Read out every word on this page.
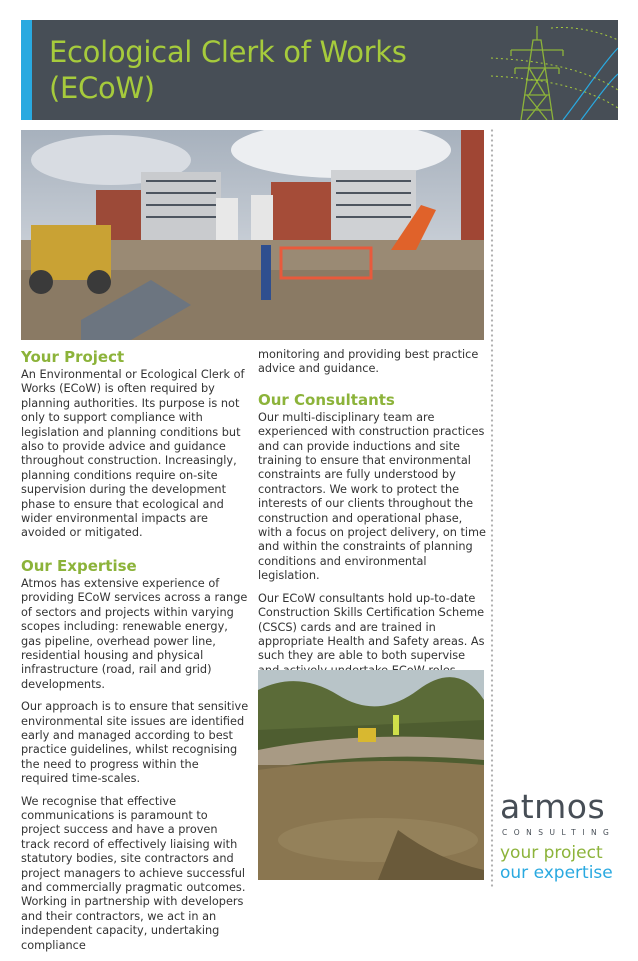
Ecological Clerk of Works
(ECoW)
Your Project

An Environmental or Ecological Clerk of Works (ECoW) is often required by planning authorities. Its purpose is not only to support compliance with legislation and planning conditions but also to provide advice and guidance throughout construction. Increasingly, planning conditions require on-site supervision during the development phase to ensure that ecological and wider environmental impacts are avoided or mitigated.

Our Expertise

Atmos has extensive experience of providing ECoW services across a range of sectors and projects within varying scopes including: renewable energy, gas pipeline, overhead power line, residential housing and physical infrastructure (road, rail and grid) developments.

Our approach is to ensure that sensitive environmental site issues are identified early and managed according to best practice guidelines, whilst recognising the need to progress within the required time-scales.

We recognise that effective communications is paramount to project success and have a proven track record of effectively liaising with statutory bodies, site contractors and project managers to achieve successful and commercially pragmatic outcomes. Working in partnership with developers and their contractors, we act in an independent capacity, undertaking compliance

monitoring and providing best practice advice and guidance.

Our Consultants

Our multi-disciplinary team are experienced with construction practices and can provide inductions and site training to ensure that environmental constraints are fully understood by contractors. We work to protect the interests of our clients throughout the construction and operational phase, with a focus on project delivery, on time and within the constraints of planning conditions and environmental legislation.

Our ECoW consultants hold up-to-date Construction Skills Certification Scheme (CSCS) cards and are trained in appropriate Health and Safety areas. As such they are able to both supervise

atmos
CONSULTING
your project
our expertise
